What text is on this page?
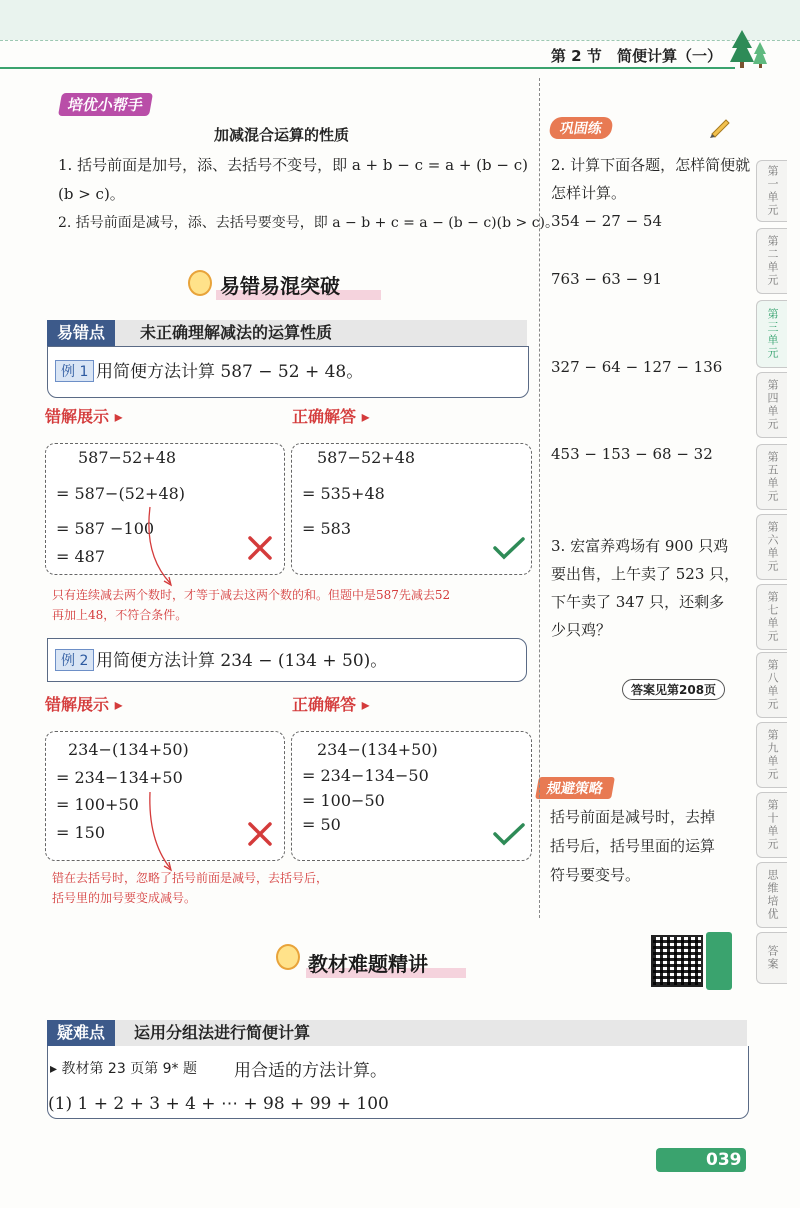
第 2 节 简便计算（一）
培优小帮手
加减混合运算的性质
1. 括号前面是加号，添、去括号不变号，即 a + b − c = a + (b − c)
(b > c)。
2. 括号前面是减号，添、去括号要变号，即 a − b + c = a − (b − c)(b > c)。
易错易混突破
易错点	未正确理解减法的运算性质
例 1 用简便方法计算 587 − 52 + 48。
错解展示 ▸	正确解答 ▸
587−52+48
= 587−(52+48)
= 587 −100
= 487
587−52+48
= 535+48
= 583
只有连续减去两个数时，才等于减去这两个数的和。但题中是587先减去52
再加上48，不符合条件。
例 2 用简便方法计算 234 − (134 + 50)。
错解展示 ▸	正确解答 ▸
234−(134+50)
= 234−134+50
= 100+50
= 150
234−(134+50)
= 234−134−50
= 100−50
= 50
错在去括号时，忽略了括号前面是减号，去括号后，
括号里的加号要变成减号。
巩固练
2. 计算下面各题，怎样简便就
怎样计算。
354 − 27 − 54
763 − 63 − 91
327 − 64 − 127 − 136
453 − 153 − 68 − 32
3. 宏富养鸡场有 900 只鸡
要出售，上午卖了 523 只，
下午卖了 347 只，还剩多
少只鸡？
答案见第208页
规避策略
括号前面是减号时，去掉
括号后，括号里面的运算
符号要变号。
第一单元
第二单元
第三单元
第四单元
第五单元
第六单元
第七单元
第八单元
第九单元
第十单元
思维培优
答案
教材难题精讲
疑难点	运用分组法进行简便计算
▸ 教材第 23 页第 9* 题 用合适的方法计算。
(1) 1 + 2 + 3 + 4 + ⋯ + 98 + 99 + 100
039
